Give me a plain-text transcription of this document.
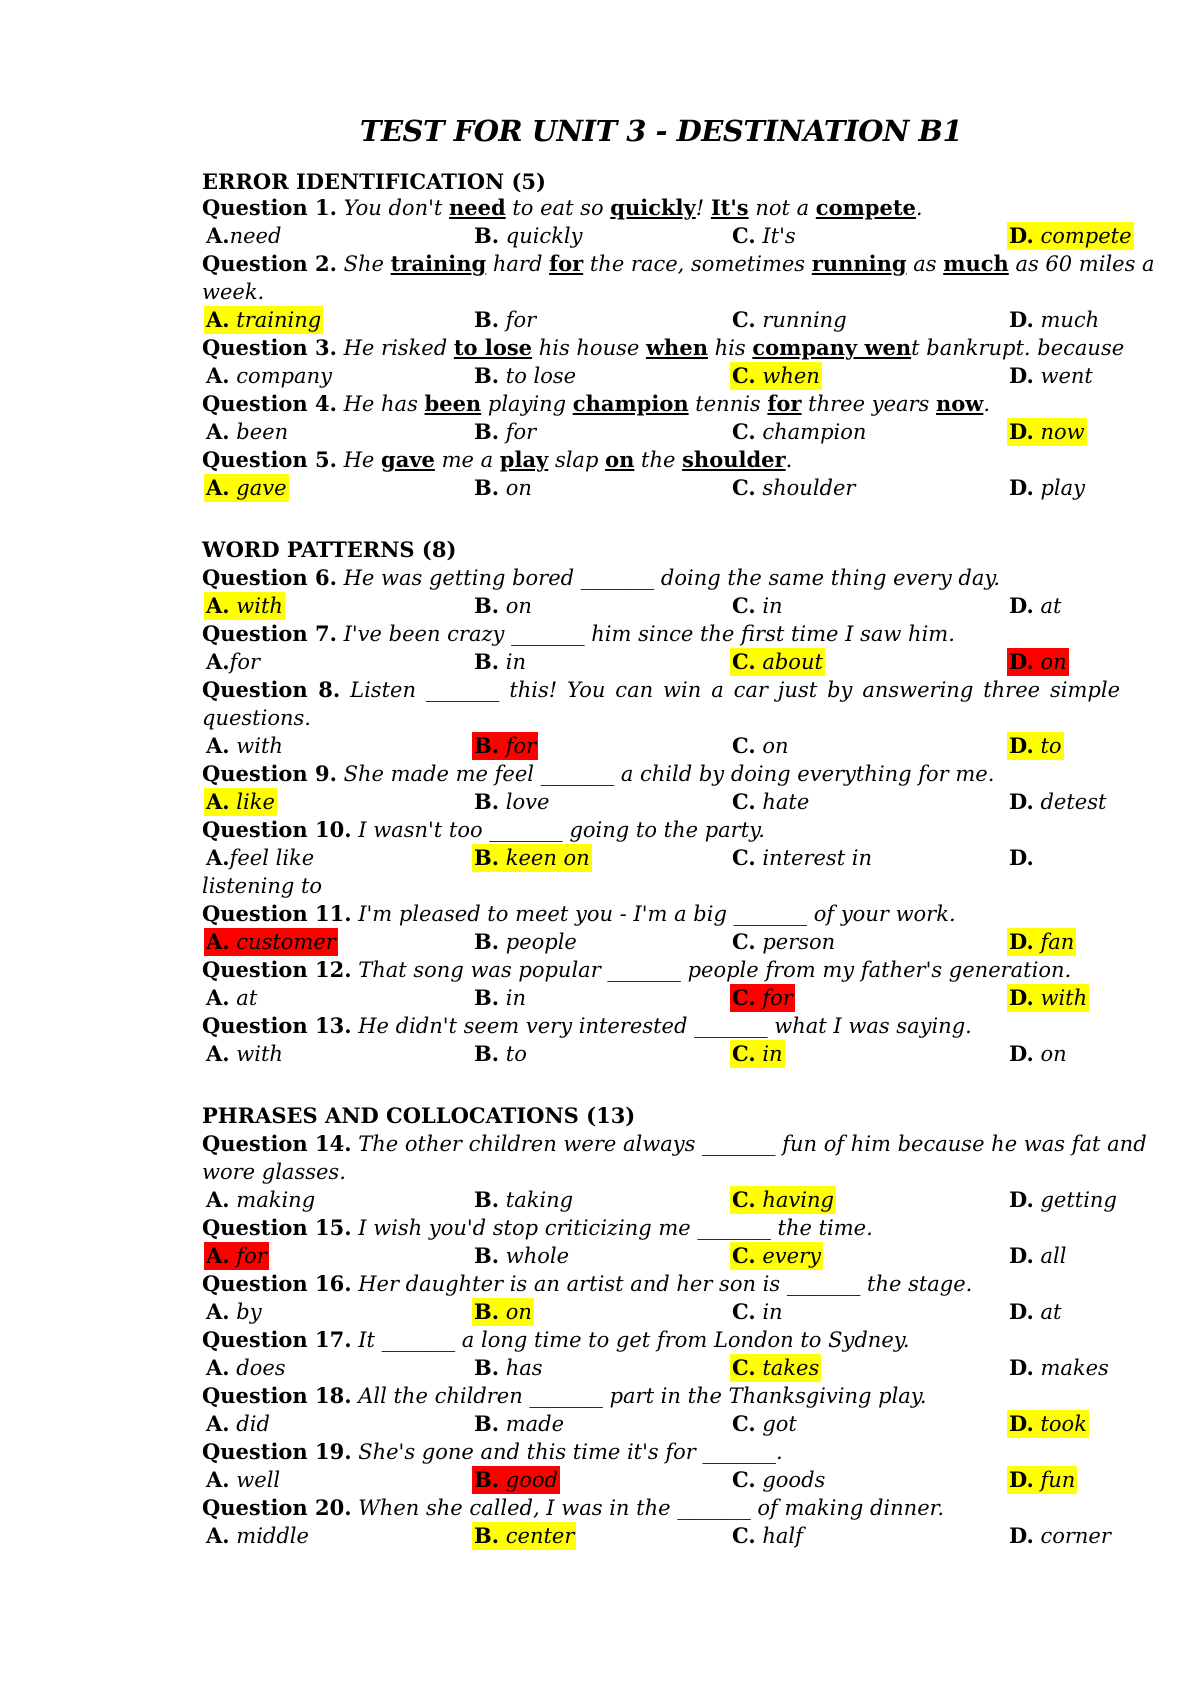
TEST FOR UNIT 3 - DESTINATION B1
ERROR IDENTIFICATION (5)
Question 1. You don't need to eat so quickly! It's not a compete.
A.need	B. quickly	C. It's	D. compete
Question 2. She training hard for the race, sometimes running as much as 60 miles a
week.
A. training	B. for	C. running	D. much
Question 3. He risked to lose his house when his company went bankrupt. because
A. company	B. to lose	C. when	D. went
Question 4. He has been playing champion tennis for three years now.
A. been	B. for	C. champion	D. now
Question 5. He gave me a play slap on the shoulder.
A. gave	B. on	C. shoulder	D. play
WORD PATTERNS (8)
Question 6. He was getting bored _______ doing the same thing every day.
A. with	B. on	C. in	D. at
Question 7. I've been crazy _______ him since the first time I saw him.
A.for	B. in	C. about	D. on
Question 8. Listen _______ this! You can win a car just by answering three simple
questions.
A. with	B. for	C. on	D. to
Question 9. She made me feel _______ a child by doing everything for me.
A. like	B. love	C. hate	D. detest
Question 10. I wasn't too _______ going to the party.
A.feel like	B. keen on	C. interest in	D.
listening to
Question 11. I'm pleased to meet you - I'm a big _______ of your work.
A. customer	B. people	C. person	D. fan
Question 12. That song was popular _______ people from my father's generation.
A. at	B. in	C. for	D. with
Question 13. He didn't seem very interested _______ what I was saying.
A. with	B. to	C. in	D. on
PHRASES AND COLLOCATIONS (13)
Question 14. The other children were always _______ fun of him because he was fat and
wore glasses.
A. making	B. taking	C. having	D. getting
Question 15. I wish you'd stop criticizing me _______ the time.
A. for	B. whole	C. every	D. all
Question 16. Her daughter is an artist and her son is _______ the stage.
A. by	B. on	C. in	D. at
Question 17. It _______ a long time to get from London to Sydney.
A. does	B. has	C. takes	D. makes
Question 18. All the children _______ part in the Thanksgiving play.
A. did	B. made	C. got	D. took
Question 19. She's gone and this time it's for _______.
A. well	B. good	C. goods	D. fun
Question 20. When she called, I was in the _______ of making dinner.
A. middle	B. center	C. half	D. corner
